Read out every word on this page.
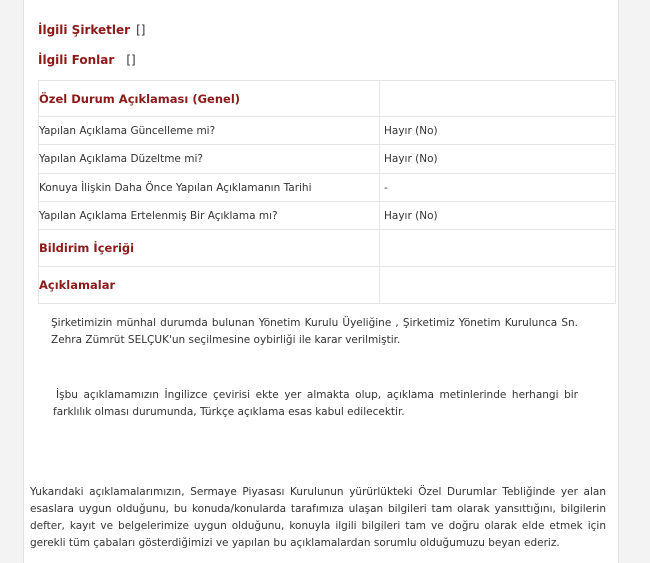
İlgili Şirketler []
İlgili Fonlar []
Özel Durum Açıklaması (Genel)	
Yapılan Açıklama Güncelleme mi?	Hayır (No)
Yapılan Açıklama Düzeltme mi?	Hayır (No)
Konuya İlişkin Daha Önce Yapılan Açıklamanın Tarihi	-
Yapılan Açıklama Ertelenmiş Bir Açıklama mı?	Hayır (No)
Bildirim İçeriği	
Açıklamalar	

Şirketimizin münhal durumda bulunan Yönetim Kurulu Üyeliğine , Şirketimiz Yönetim Kurulunca Sn. Zehra Zümrüt SELÇUK'un seçilmesine oybirliği ile karar verilmiştir.

İşbu açıklamamızın İngilizce çevirisi ekte yer almakta olup, açıklama metinlerinde herhangi bir farklılık olması durumunda, Türkçe açıklama esas kabul edilecektir.

Yukarıdaki açıklamalarımızın, Sermaye Piyasası Kurulunun yürürlükteki Özel Durumlar Tebliğinde yer alan esaslara uygun olduğunu, bu konuda/konularda tarafımıza ulaşan bilgileri tam olarak yansıttığını, bilgilerin defter, kayıt ve belgelerimize uygun olduğunu, konuyla ilgili bilgileri tam ve doğru olarak elde etmek için gerekli tüm çabaları gösterdiğimizi ve yapılan bu açıklamalardan sorumlu olduğumuzu beyan ederiz.
